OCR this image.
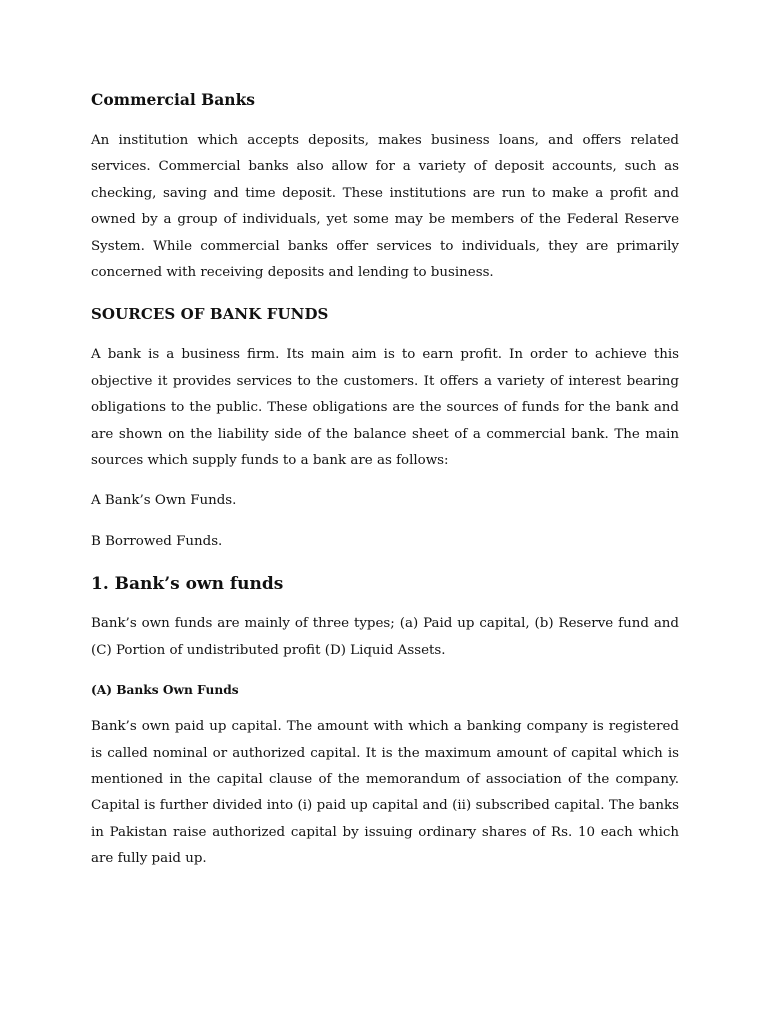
Commercial Banks

An institution which accepts deposits, makes business loans, and offers related services. Commercial banks also allow for a variety of deposit accounts, such as checking, saving and time deposit. These institutions are run to make a profit and owned by a group of individuals, yet some may be members of the Federal Reserve System. While commercial banks offer services to individuals, they are primarily concerned with receiving deposits and lending to business.

SOURCES OF BANK FUNDS

A bank is a business firm. Its main aim is to earn profit. In order to achieve this objective it provides services to the customers. It offers a variety of interest bearing obligations to the public. These obligations are the sources of funds for the bank and are shown on the liability side of the balance sheet of a commercial bank. The main sources which supply funds to a bank are as follows:

A Bank’s Own Funds.

B Borrowed Funds.

1. Bank’s own funds

Bank’s own funds are mainly of three types; (a) Paid up capital, (b) Reserve fund and (C) Portion of undistributed profit (D) Liquid Assets.

(A) Banks Own Funds

Bank’s own paid up capital. The amount with which a banking company is registered is called nominal or authorized capital. It is the maximum amount of capital which is mentioned in the capital clause of the memorandum of association of the company. Capital is further divided into (i) paid up capital and (ii) subscribed capital. The banks in Pakistan raise authorized capital by issuing ordinary shares of Rs. 10 each which are fully paid up.
